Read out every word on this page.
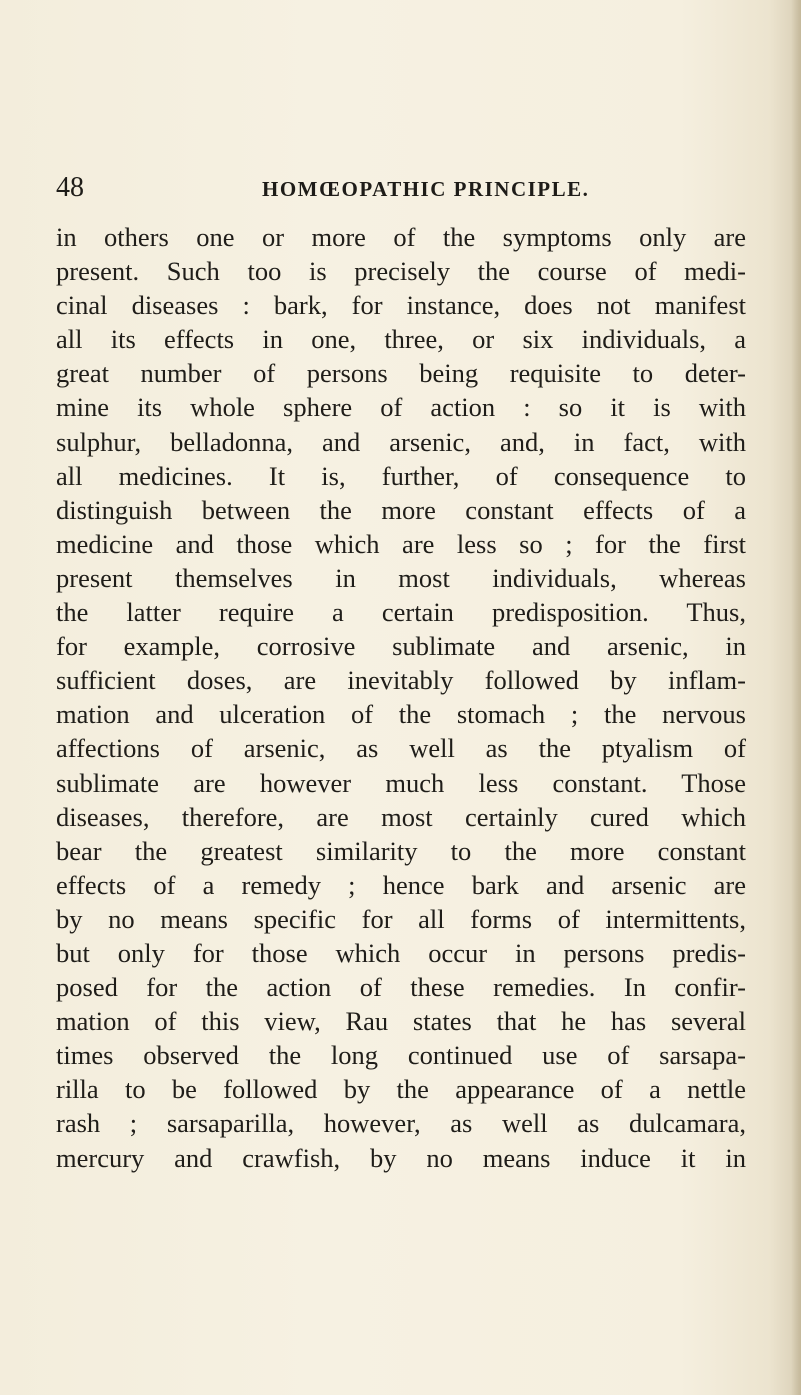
48	HOMŒOPATHIC PRINCIPLE.
in others one or more of the symptoms only are
present. Such too is precisely the course of medi-
cinal diseases : bark, for instance, does not manifest
all its effects in one, three, or six individuals, a
great number of persons being requisite to deter-
mine its whole sphere of action : so it is with
sulphur, belladonna, and arsenic, and, in fact, with
all medicines. It is, further, of consequence to
distinguish between the more constant effects of a
medicine and those which are less so ; for the first
present themselves in most individuals, whereas
the latter require a certain predisposition. Thus,
for example, corrosive sublimate and arsenic, in
sufficient doses, are inevitably followed by inflam-
mation and ulceration of the stomach ; the nervous
affections of arsenic, as well as the ptyalism of
sublimate are however much less constant. Those
diseases, therefore, are most certainly cured which
bear the greatest similarity to the more constant
effects of a remedy ; hence bark and arsenic are
by no means specific for all forms of intermittents,
but only for those which occur in persons predis-
posed for the action of these remedies. In confir-
mation of this view, Rau states that he has several
times observed the long continued use of sarsapa-
rilla to be followed by the appearance of a nettle
rash ; sarsaparilla, however, as well as dulcamara,
mercury and crawfish, by no means induce it in
